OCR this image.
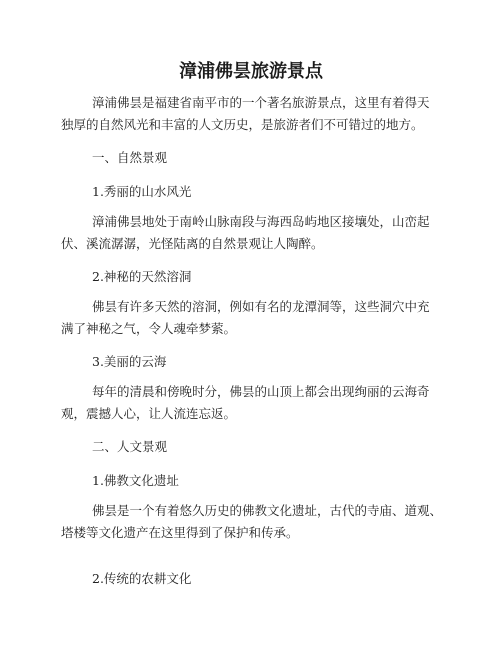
漳浦佛昙旅游景点

漳浦佛昙是福建省南平市的一个著名旅游景点，这里有着得天
独厚的自然风光和丰富的人文历史，是旅游者们不可错过的地方。

一、自然景观
1.秀丽的山水风光

漳浦佛昙地处于南岭山脉南段与海西岛屿地区接壤处，山峦起
伏、溪流潺潺，光怪陆离的自然景观让人陶醉。

2.神秘的天然溶洞

佛昙有许多天然的溶洞，例如有名的龙潭洞等，这些洞穴中充
满了神秘之气，令人魂牵梦萦。

3.美丽的云海

每年的清晨和傍晚时分，佛昙的山顶上都会出现绚丽的云海奇
观，震撼人心，让人流连忘返。

二、人文景观
1.佛教文化遗址

佛昙是一个有着悠久历史的佛教文化遗址，古代的寺庙、道观、
塔楼等文化遗产在这里得到了保护和传承。

2.传统的农耕文化
